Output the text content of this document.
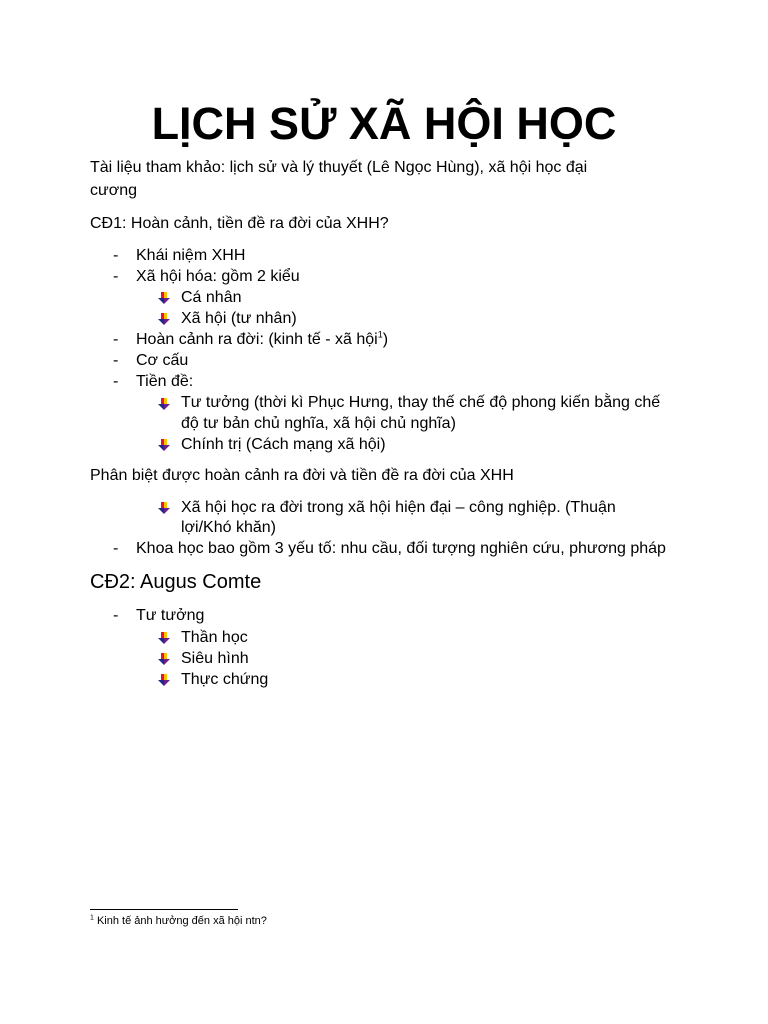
LỊCH SỬ XÃ HỘI HỌC
Tài liệu tham khảo: lịch sử và lý thuyết (Lê Ngọc Hùng), xã hội học đại
cương
CĐ1: Hoàn cảnh, tiền đề ra đời của XHH?
- Khái niệm XHH
- Xã hội hóa: gồm 2 kiểu
Cá nhân
Xã hội (tư nhân)
- Hoàn cảnh ra đời: (kinh tế - xã hội$^1$)
- Cơ cấu
- Tiền đề:
Tư tưởng (thời kì Phục Hưng, thay thế chế độ phong kiến bằng chế
độ tư bản chủ nghĩa, xã hội chủ nghĩa)
Chính trị (Cách mạng xã hội)
Phân biệt được hoàn cảnh ra đời và tiền đề ra đời của XHH
Xã hội học ra đời trong xã hội hiện đại – công nghiệp. (Thuận
lợi/Khó khăn)
- Khoa học bao gồm 3 yếu tố: nhu cầu, đối tượng nghiên cứu, phương pháp
CĐ2: Augus Comte
- Tư tưởng
Thần học
Siêu hình
Thực chứng
$^1$ Kinh tế ảnh hưởng đến xã hội ntn?
